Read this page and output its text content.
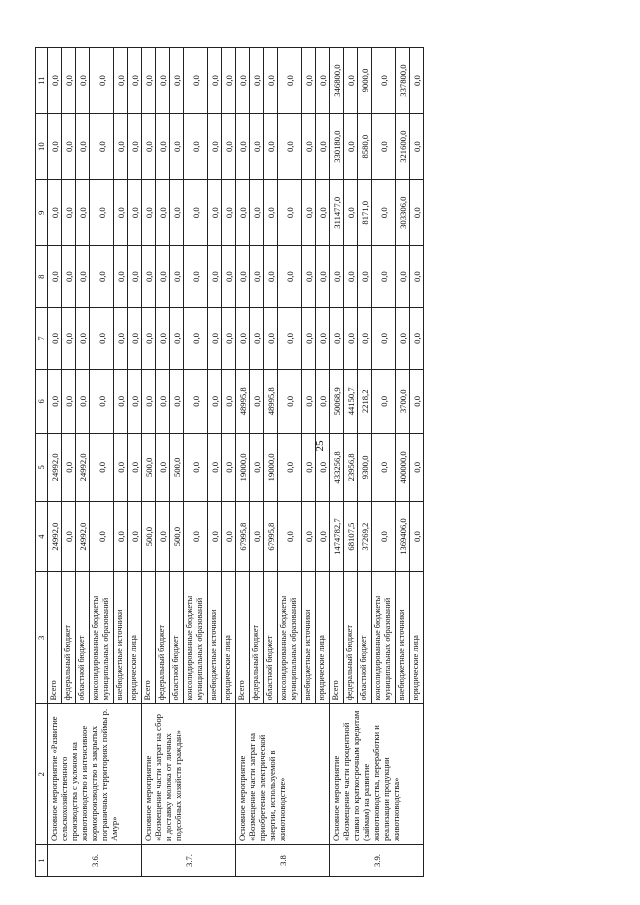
25
1	2	3	4	5	6	7	8	9	10	11
3.6.	Основное мероприятие «Развитие сельскохозяйственного производства с уклоном на животноводство и интенсивное кормопроизводство в закрытых пограничных территориях поймы р. Амур»	Всего	24992,0	24992,0	0,0	0,0	0,0	0,0	0,0	0,0
		федеральный бюджет	0,0	0,0	0,0	0,0	0,0	0,0	0,0	0,0
		областной бюджет	24992,0	24992,0	0,0	0,0	0,0	0,0	0,0	0,0
		консолидированные бюджеты муниципальных образований	0,0	0,0	0,0	0,0	0,0	0,0	0,0	0,0
		внебюджетные источники	0,0	0,0	0,0	0,0	0,0	0,0	0,0	0,0
		юридические лица	0,0	0,0	0,0	0,0	0,0	0,0	0,0	0,0
3.7.	Основное мероприятие «Возмещение части затрат на сбор и доставку молока от личных подсобных хозяйств граждан»	Всего	500,0	500,0	0,0	0,0	0,0	0,0	0,0	0,0
		федеральный бюджет	0,0	0,0	0,0	0,0	0,0	0,0	0,0	0,0
		областной бюджет	500,0	500,0	0,0	0,0	0,0	0,0	0,0	0,0
		консолидированные бюджеты муниципальных образований	0,0	0,0	0,0	0,0	0,0	0,0	0,0	0,0
		внебюджетные источники	0,0	0,0	0,0	0,0	0,0	0,0	0,0	0,0
		юридические лица	0,0	0,0	0,0	0,0	0,0	0,0	0,0	0,0
3.8	Основное мероприятие «Возмещение части затрат на приобретение электрической энергии, используемой в животноводстве»	Всего	67995,8	19000,0	48995,8	0,0	0,0	0,0	0,0	0,0
		федеральный бюджет	0,0	0,0	0,0	0,0	0,0	0,0	0,0	0,0
		областной бюджет	67995,8	19000,0	48995,8	0,0	0,0	0,0	0,0	0,0
		консолидированные бюджеты муниципальных образований	0,0	0,0	0,0	0,0	0,0	0,0	0,0	0,0
		внебюджетные источники	0,0	0,0	0,0	0,0	0,0	0,0	0,0	0,0
		юридические лица	0,0	0,0	0,0	0,0	0,0	0,0	0,0	0,0
3.9.	Основное мероприятие «Возмещение части процентной ставки по краткосрочным кредитам (займам) на развитие животноводства, переработки и реализации продукции животноводства»	Всего	1474782,7	433256,8	50068,9	0,0	0,0	311477,0	330180,0	346800,0
		федеральный бюджет	68107,5	23956,8	44150,7	0,0	0,0	0,0	0,0	0,0
		областной бюджет	37269,2	9300,0	2218,2	0,0	0,0	8171,0	8580,0	9000,0
		консолидированные бюджеты муниципальных образований	0,0	0,0	0,0	0,0	0,0	0,0	0,0	0,0
		внебюджетные источники	1369406,0	400000,0	3700,0	0,0	0,0	303306,0	321600,0	337800,0
		юридические лица	0,0	0,0	0,0	0,0	0,0	0,0	0,0	0,0
